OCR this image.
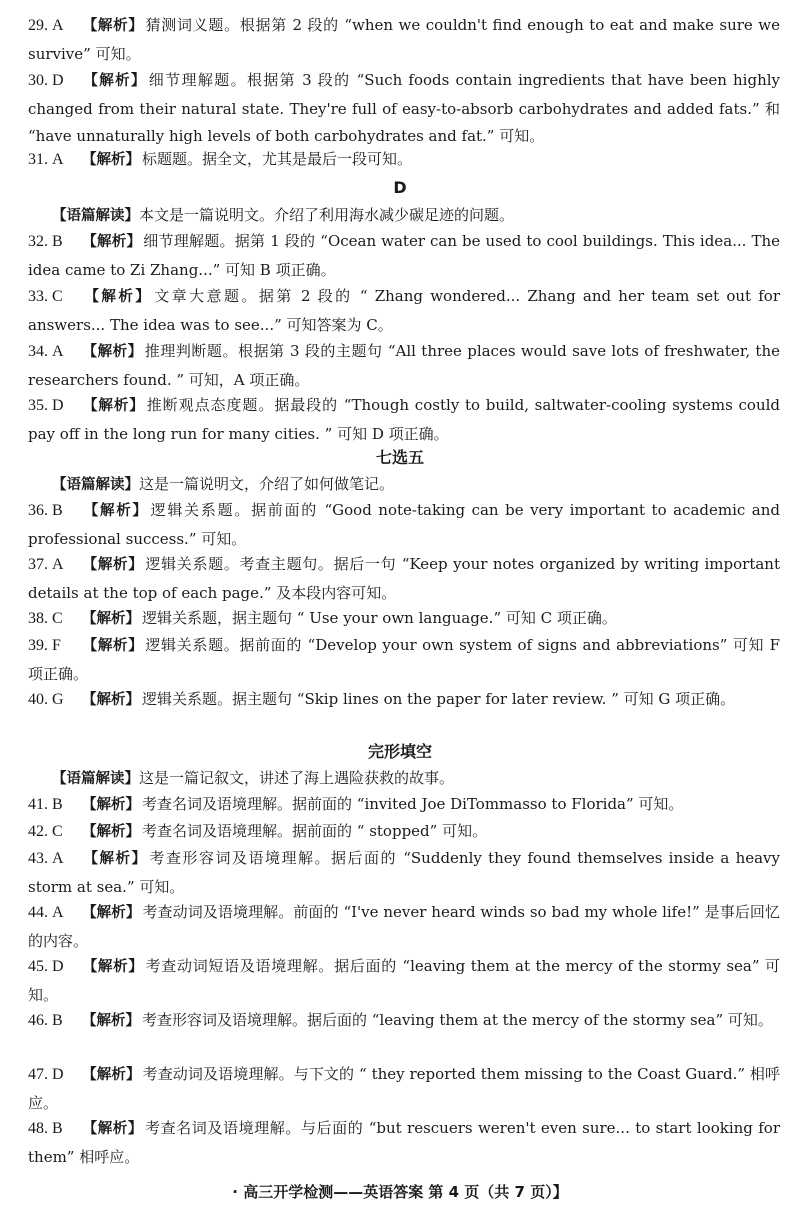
29. A 【解析】 猜测词义题。根据第 2 段的 “when we couldn't find enough to eat and make sure we survive” 可知。
30. D 【解析】 细节理解题。根据第 3 段的 “Such foods contain ingredients that have been highly changed from their natural state. They're full of easy-to-absorb carbohydrates and added fats.” 和 “have unnaturally high levels of both carbohydrates and fat.” 可知。
31. A 【解析】 标题题。据全文，尤其是最后一段可知。
D
【语篇解读】本文是一篇说明文。介绍了利用海水减少碳足迹的问题。
32. B 【解析】 细节理解题。据第 1 段的 “Ocean water can be used to cool buildings. This idea... The idea came to Zi Zhang...” 可知 B 项正确。
33. C 【解析】 文章大意题。据第 2 段的 “ Zhang wondered... Zhang and her team set out for answers... The idea was to see...” 可知答案为 C。
34. A 【解析】 推理判断题。根据第 3 段的主题句 “All three places would save lots of freshwater, the researchers found. ” 可知，A 项正确。
35. D 【解析】 推断观点态度题。据最段的 “Though costly to build, saltwater-cooling systems could pay off in the long run for many cities. ” 可知 D 项正确。
七选五
【语篇解读】这是一篇说明文，介绍了如何做笔记。
36. B 【解析】 逻辑关系题。据前面的 “Good note-taking can be very important to academic and professional success.” 可知。
37. A 【解析】 逻辑关系题。考查主题句。据后一句 “Keep your notes organized by writing important details at the top of each page.” 及本段内容可知。
38. C 【解析】 逻辑关系题，据主题句 “ Use your own language.” 可知 C 项正确。
39. F 【解析】 逻辑关系题。据前面的 “Develop your own system of signs and abbreviations” 可知 F 项正确。
40. G 【解析】 逻辑关系题。据主题句 “Skip lines on the paper for later review. ” 可知 G 项正确。
完形填空
【语篇解读】这是一篇记叙文，讲述了海上遇险获救的故事。
41. B 【解析】 考查名词及语境理解。据前面的 “invited Joe DiTommasso to Florida” 可知。
42. C 【解析】 考查名词及语境理解。据前面的 “ stopped” 可知。
43. A 【解析】 考查形容词及语境理解。据后面的 “Suddenly they found themselves inside a heavy storm at sea.” 可知。
44. A 【解析】 考查动词及语境理解。前面的 “I've never heard winds so bad my whole life!” 是事后回忆的内容。
45. D 【解析】 考查动词短语及语境理解。据后面的 “leaving them at the mercy of the stormy sea” 可知。
46. B 【解析】 考查形容词及语境理解。据后面的 “leaving them at the mercy of the stormy sea” 可知。
47. D 【解析】 考查动词及语境理解。与下文的 “ they reported them missing to the Coast Guard.” 相呼应。
48. B 【解析】 考查名词及语境理解。与后面的 “but rescuers weren't even sure... to start looking for them” 相呼应。
· 高三开学检测——英语答案 第 4 页（共 7 页）】
